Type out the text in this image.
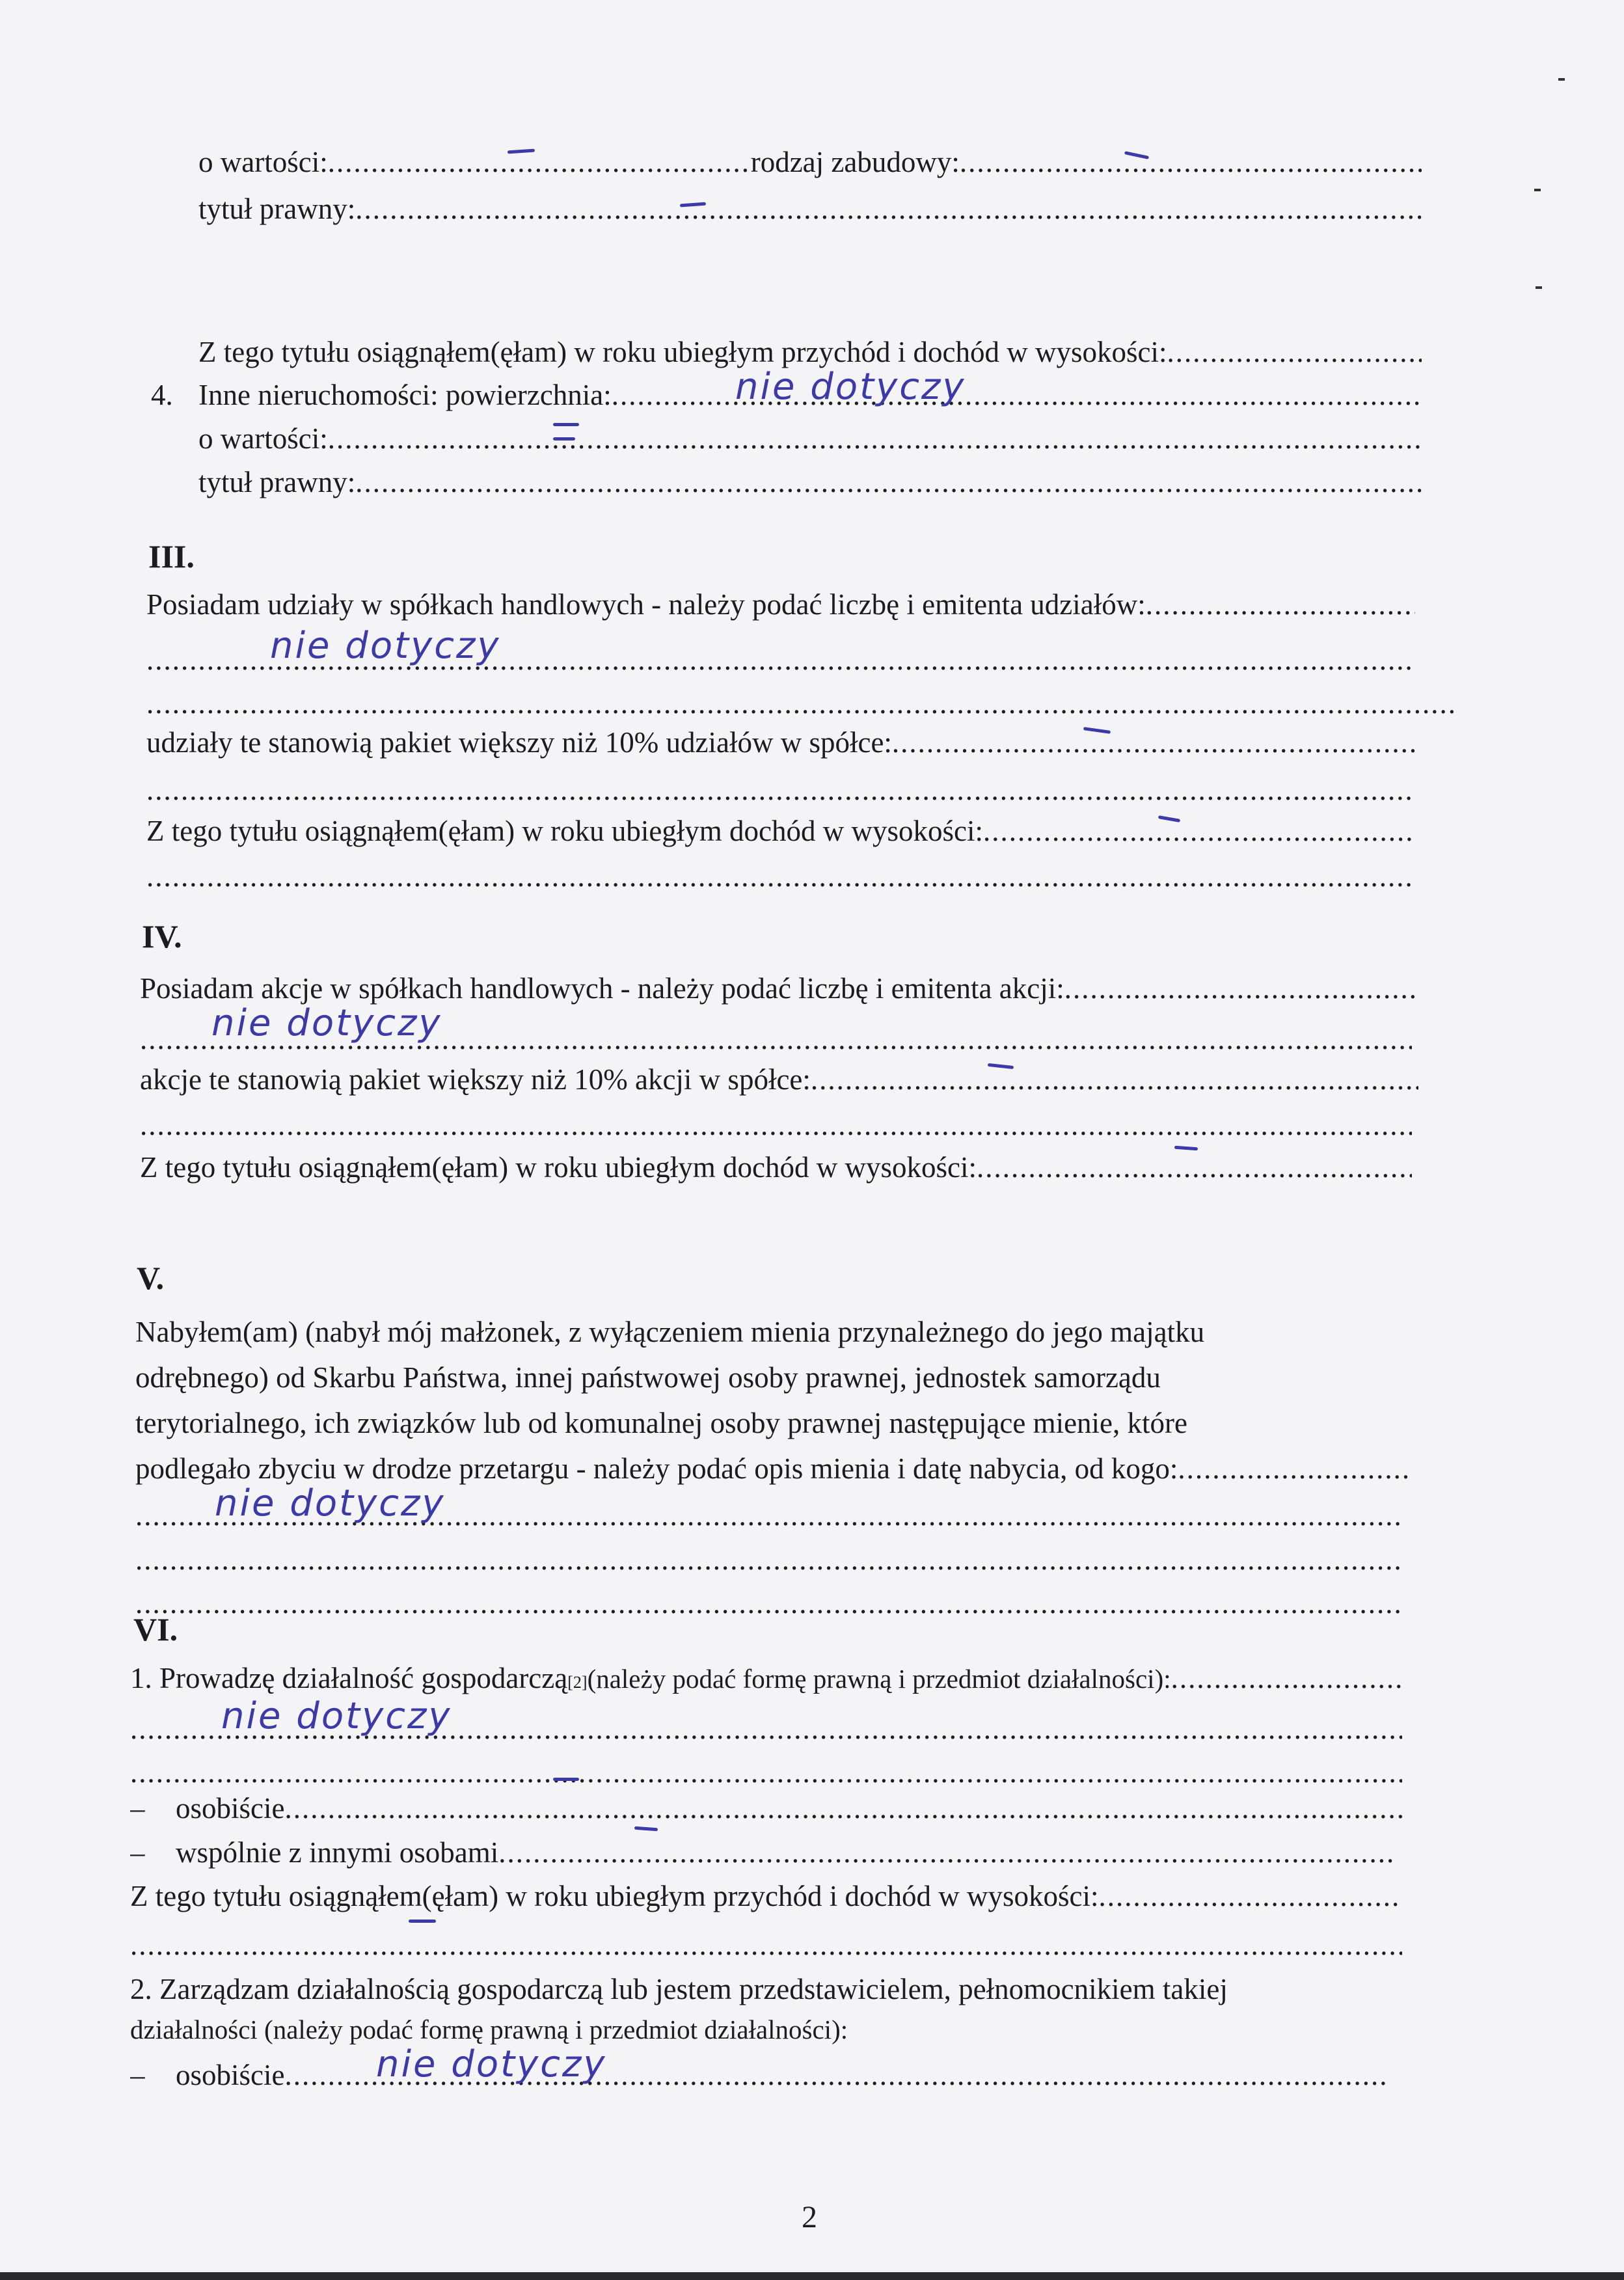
o wartości: .....	rodzaj zabudowy:
.....
tytuł prawny:
.....
Z tego tytułu osiągnąłem(ęłam) w roku ubiegłym przychód i dochód w wysokości:
.....
4. Inne nieruchomości: powierzchnia: .....	nie dotyczy
o wartości:
.....
tytuł prawny:
.....
III.
Posiadam udziały w spółkach handlowych - należy podać liczbę i emitenta udziałów:
.....
.....
nie dotyczy
.....
udziały te stanowią pakiet większy niż 10% udziałów w spółce:
.....
.....
Z tego tytułu osiągnąłem(ęłam) w roku ubiegłym dochód w wysokości:
.....
.....
IV.
Posiadam akcje w spółkach handlowych - należy podać liczbę i emitenta akcji:
.....
.....
nie dotyczy
akcje te stanowią pakiet większy niż 10% akcji w spółce:
.....
.....
Z tego tytułu osiągnąłem(ęłam) w roku ubiegłym dochód w wysokości:
.....
V.
Nabyłem(am) (nabył mój małżonek, z wyłączeniem mienia przynależnego do jego majątku
odrębnego) od Skarbu Państwa, innej państwowej osoby prawnej, jednostek samorządu
terytorialnego, ich związków lub od komunalnej osoby prawnej następujące mienie, które
podlegało zbyciu w drodze przetargu - należy podać opis mienia i datę nabycia, od kogo:
.....
.....
nie dotyczy
.....
.....
VI.
1. Prowadzę działalność gospodarczą [2] (należy podać formę prawną i przedmiot działalności):
.....
.....
nie dotyczy
.....
–	osobiście
.....
–	wspólnie z innymi osobami
.....
Z tego tytułu osiągnąłem(ęłam) w roku ubiegłym przychód i dochód w wysokości:
.....
.....
2. Zarządzam działalnością gospodarczą lub jestem przedstawicielem, pełnomocnikiem takiej
działalności (należy podać formę prawną i przedmiot działalności):
–	osobiście .....	nie dotyczy
2
